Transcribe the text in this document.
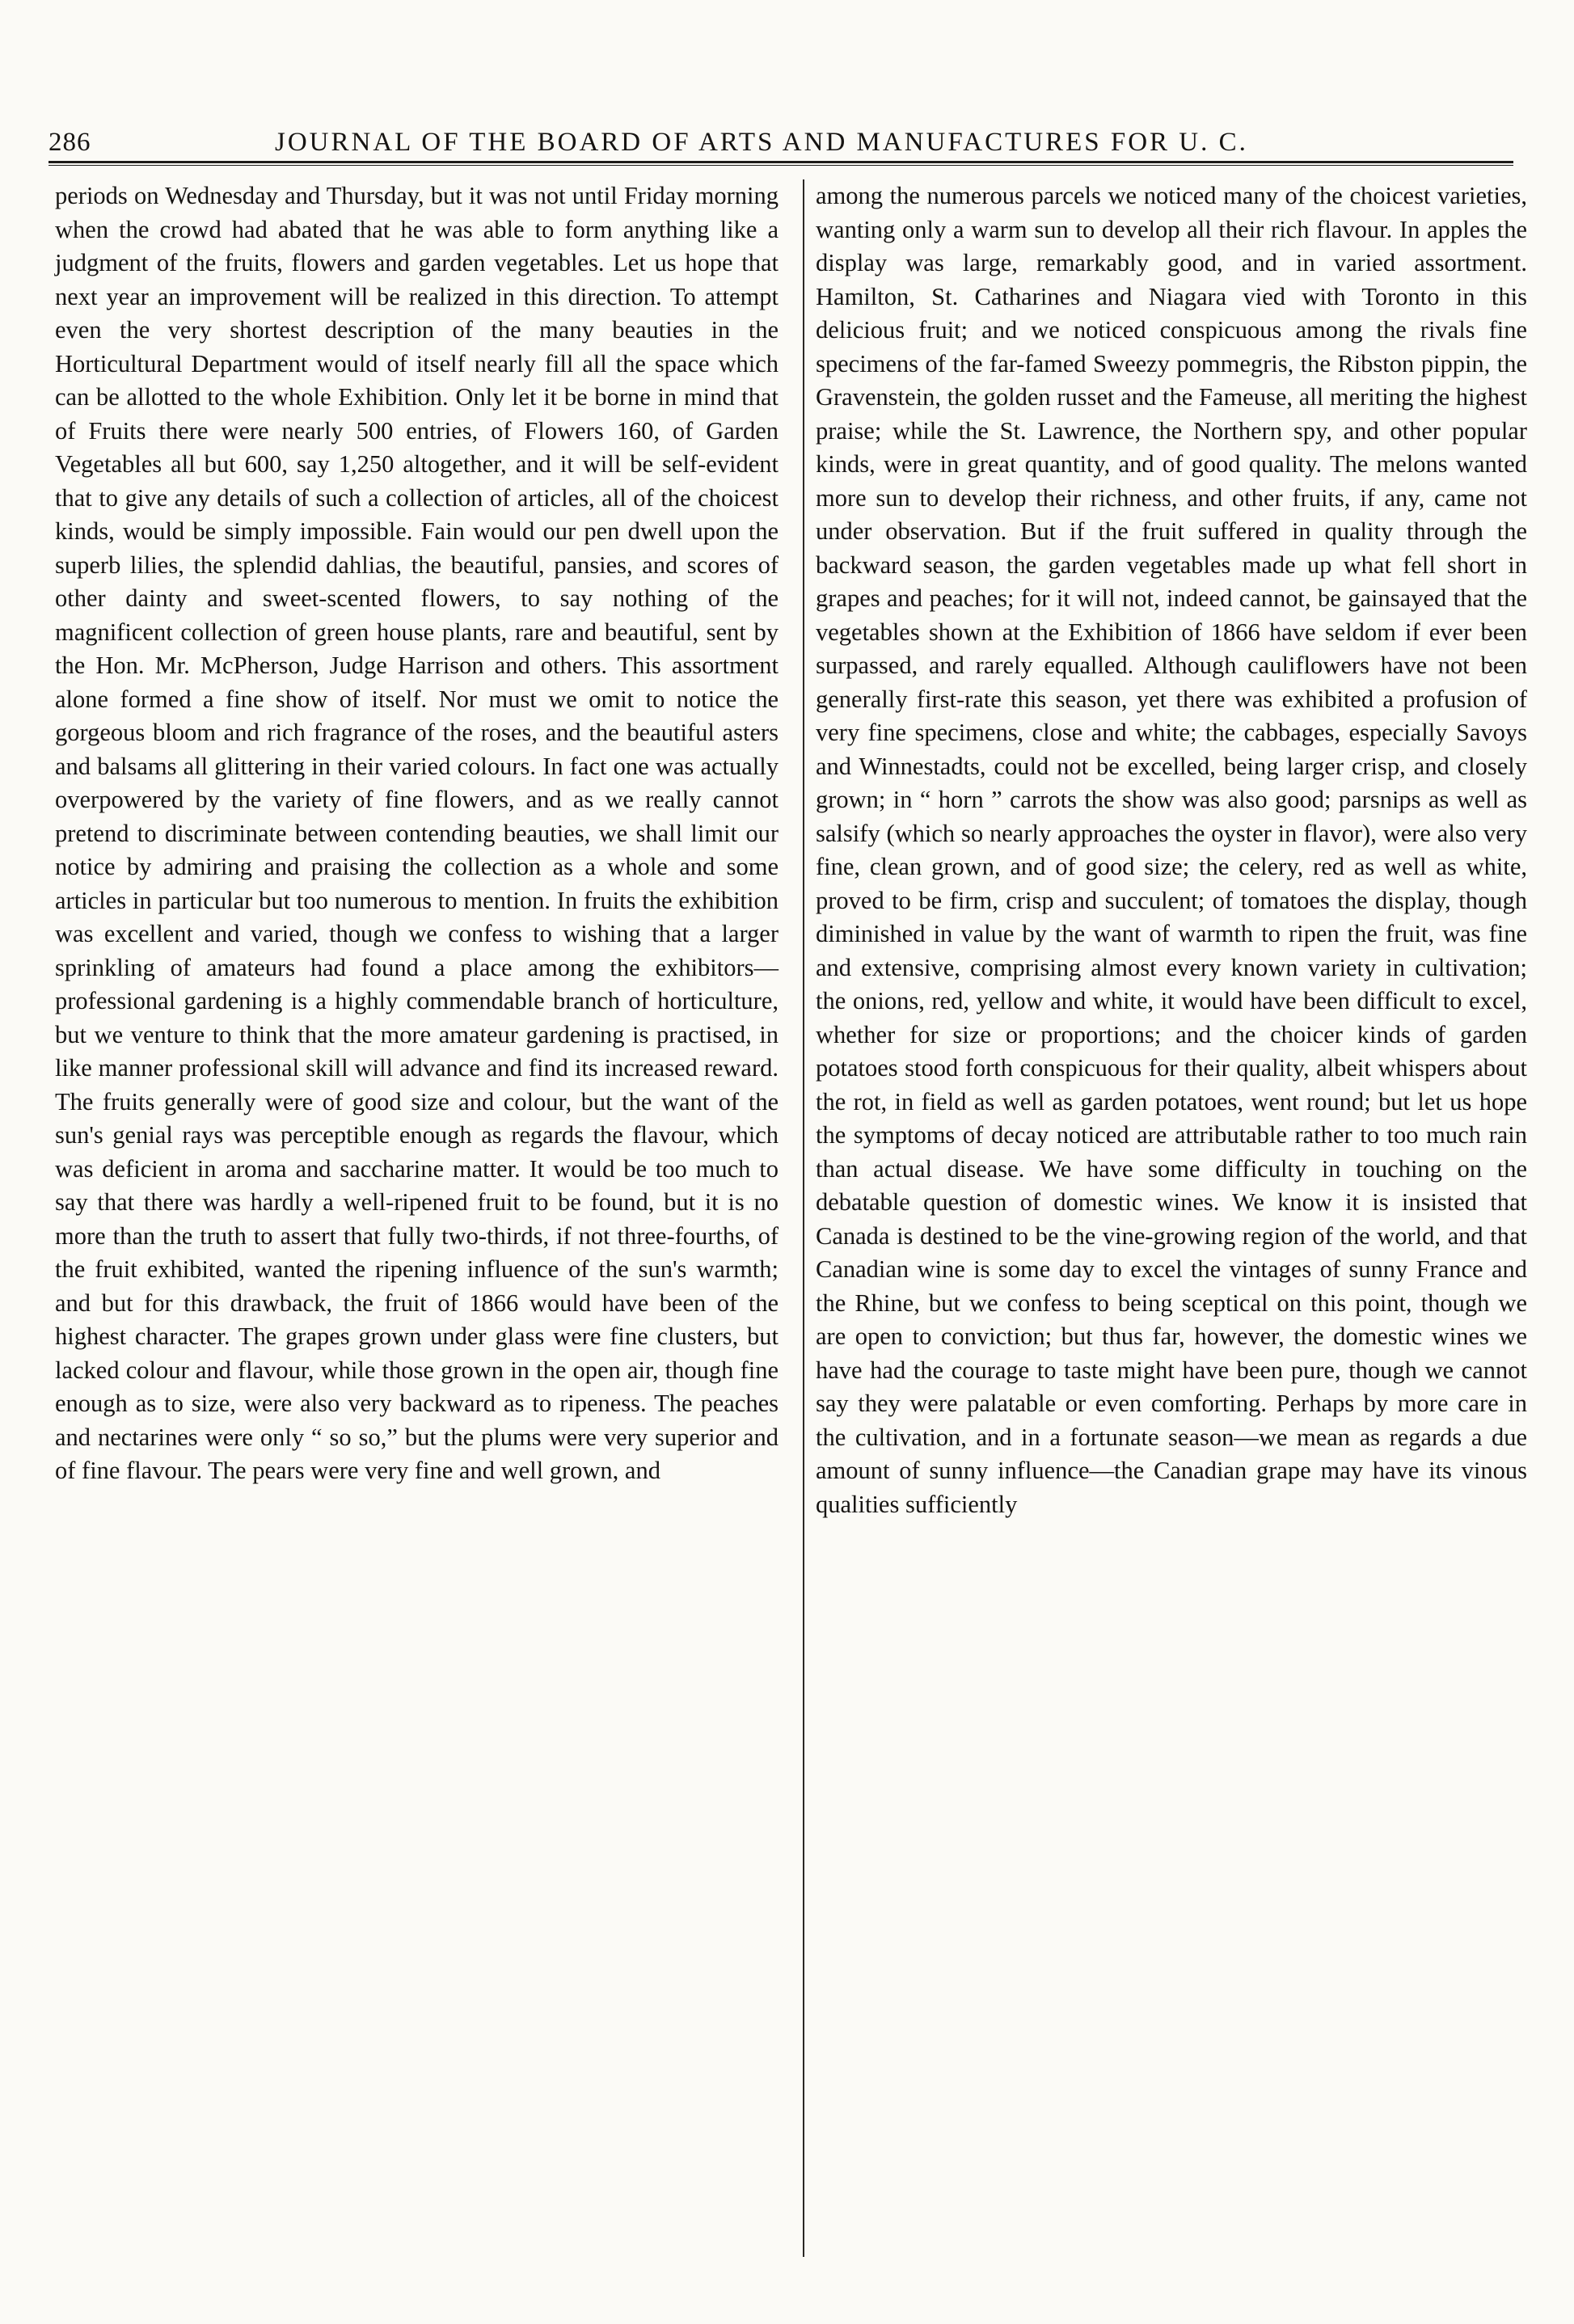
286	JOURNAL OF THE BOARD OF ARTS AND MANUFACTURES FOR U. C.

periods on Wednesday and Thursday, but it was not until Friday morning when the crowd had abated that he was able to form anything like a judgment of the fruits, flowers and garden vegetables. Let us hope that next year an improvement will be realized in this direction. To attempt even the very shortest description of the many beauties in the Horticultural Department would of itself nearly fill all the space which can be allotted to the whole Exhibition. Only let it be borne in mind that of Fruits there were nearly 500 entries, of Flowers 160, of Garden Vegetables all but 600, say 1,250 altogether, and it will be self-evident that to give any details of such a collection of articles, all of the choicest kinds, would be simply impossible. Fain would our pen dwell upon the superb lilies, the splendid dahlias, the beautiful, pansies, and scores of other dainty and sweet-scented flowers, to say nothing of the magnificent collection of green house plants, rare and beautiful, sent by the Hon. Mr. McPherson, Judge Harrison and others. This assortment alone formed a fine show of itself. Nor must we omit to notice the gorgeous bloom and rich fragrance of the roses, and the beautiful asters and balsams all glittering in their varied colours. In fact one was actually overpowered by the variety of fine flowers, and as we really cannot pretend to discriminate between contending beauties, we shall limit our notice by admiring and praising the collection as a whole and some articles in particular but too numerous to mention. In fruits the exhibition was excellent and varied, though we confess to wishing that a larger sprinkling of amateurs had found a place among the exhibitors—professional gardening is a highly commendable branch of horticulture, but we venture to think that the more amateur gardening is practised, in like manner professional skill will advance and find its increased reward. The fruits generally were of good size and colour, but the want of the sun's genial rays was perceptible enough as regards the flavour, which was deficient in aroma and saccharine matter. It would be too much to say that there was hardly a well-ripened fruit to be found, but it is no more than the truth to assert that fully two-thirds, if not three-fourths, of the fruit exhibited, wanted the ripening influence of the sun's warmth; and but for this drawback, the fruit of 1866 would have been of the highest character. The grapes grown under glass were fine clusters, but lacked colour and flavour, while those grown in the open air, though fine enough as to size, were also very backward as to ripeness. The peaches and nectarines were only “ so so,” but the plums were very superior and of fine flavour. The pears were very fine and well grown, and

among the numerous parcels we noticed many of the choicest varieties, wanting only a warm sun to develop all their rich flavour. In apples the display was large, remarkably good, and in varied assortment. Hamilton, St. Catharines and Niagara vied with Toronto in this delicious fruit; and we noticed conspicuous among the rivals fine specimens of the far-famed Sweezy pommegris, the Ribston pippin, the Gravenstein, the golden russet and the Fameuse, all meriting the highest praise; while the St. Lawrence, the Northern spy, and other popular kinds, were in great quantity, and of good quality. The melons wanted more sun to develop their richness, and other fruits, if any, came not under observation. But if the fruit suffered in quality through the backward season, the garden vegetables made up what fell short in grapes and peaches; for it will not, indeed cannot, be gainsayed that the vegetables shown at the Exhibition of 1866 have seldom if ever been surpassed, and rarely equalled. Although cauliflowers have not been generally first-rate this season, yet there was exhibited a profusion of very fine specimens, close and white; the cabbages, especially Savoys and Winnestadts, could not be excelled, being larger crisp, and closely grown; in “ horn ” carrots the show was also good; parsnips as well as salsify (which so nearly approaches the oyster in flavor), were also very fine, clean grown, and of good size; the celery, red as well as white, proved to be firm, crisp and succulent; of tomatoes the display, though diminished in value by the want of warmth to ripen the fruit, was fine and extensive, comprising almost every known variety in cultivation; the onions, red, yellow and white, it would have been difficult to excel, whether for size or proportions; and the choicer kinds of garden potatoes stood forth conspicuous for their quality, albeit whispers about the rot, in field as well as garden potatoes, went round; but let us hope the symptoms of decay noticed are attributable rather to too much rain than actual disease. We have some difficulty in touching on the debatable question of domestic wines. We know it is insisted that Canada is destined to be the vine-growing region of the world, and that Canadian wine is some day to excel the vintages of sunny France and the Rhine, but we confess to being sceptical on this point, though we are open to conviction; but thus far, however, the domestic wines we have had the courage to taste might have been pure, though we cannot say they were palatable or even comforting. Perhaps by more care in the cultivation, and in a fortunate season—we mean as regards a due amount of sunny influence—the Canadian grape may have its vinous qualities sufficiently
